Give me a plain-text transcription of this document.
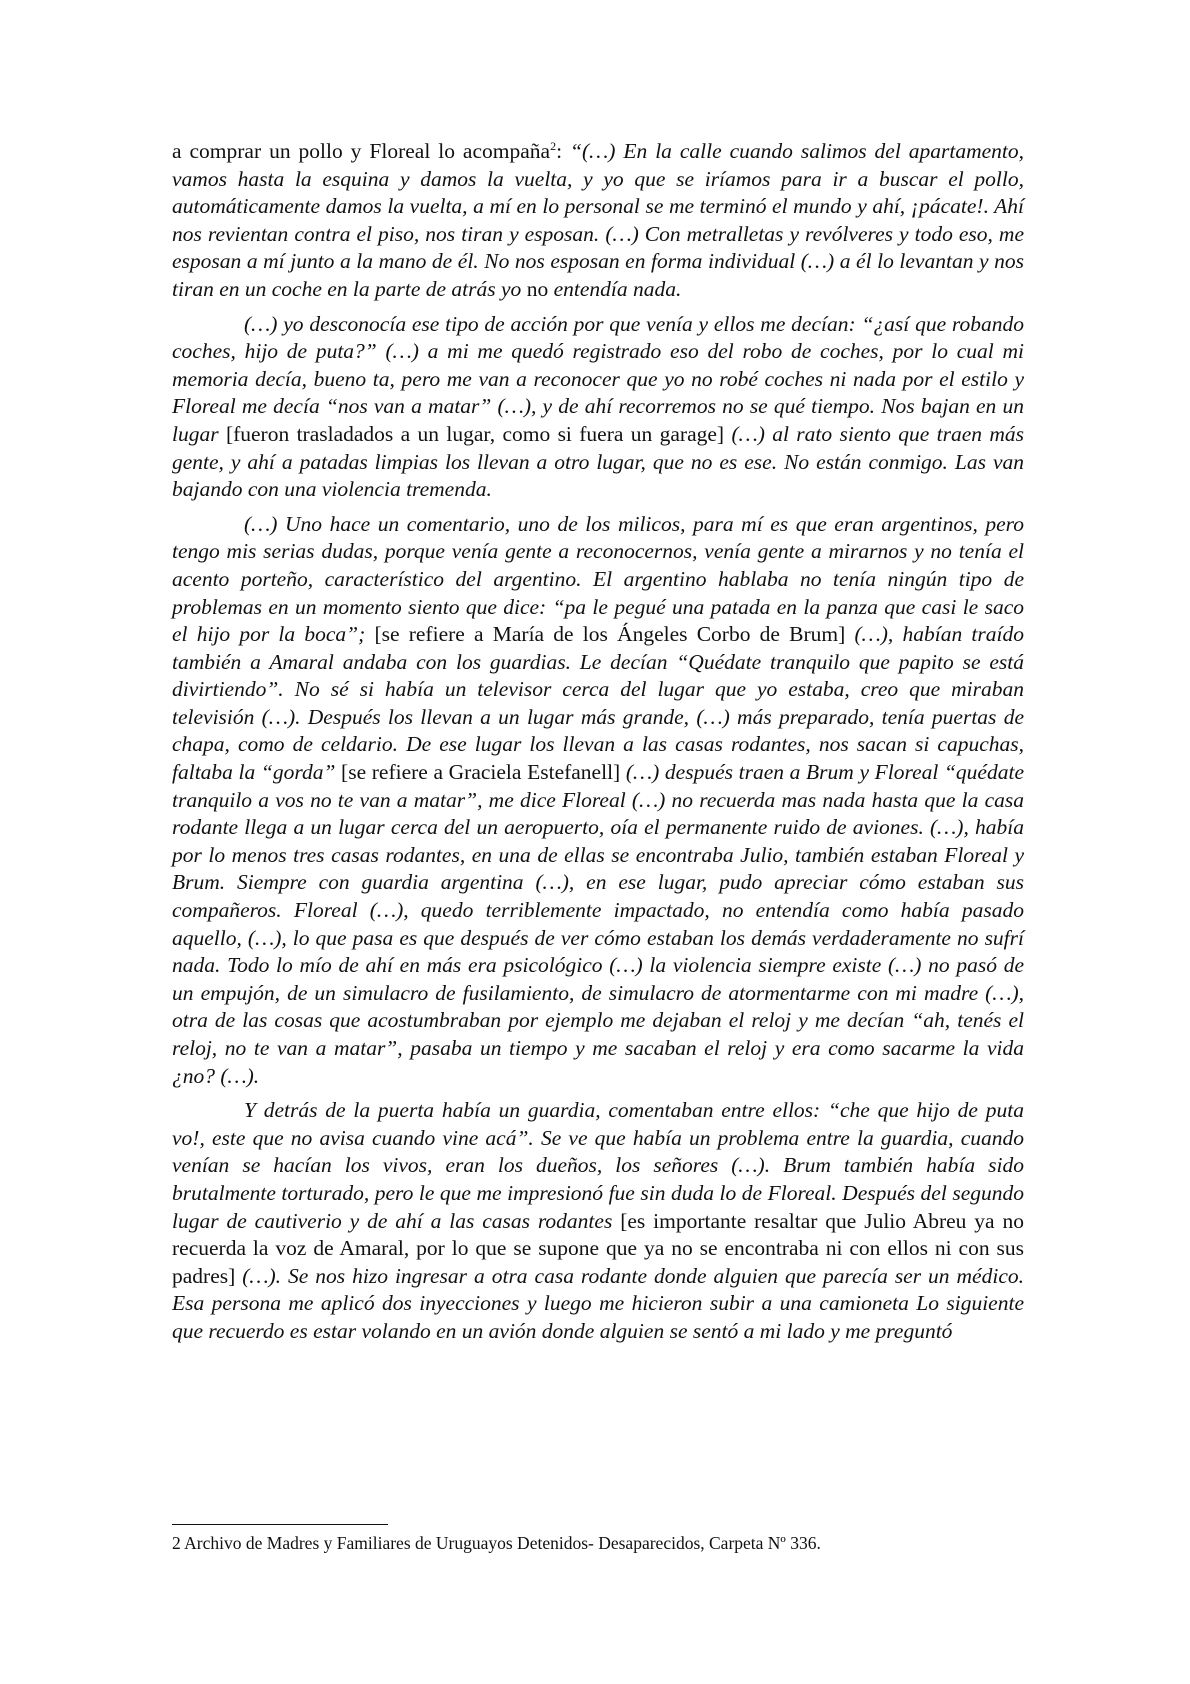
a comprar un pollo y Floreal lo acompaña$^2$: “(…) En la calle cuando salimos del apartamento, vamos hasta la esquina y damos la vuelta, y yo que se iríamos para ir a buscar el pollo, automáticamente damos la vuelta, a mí en lo personal se me terminó el mundo y ahí, ¡pácate!. Ahí nos revientan contra el piso, nos tiran y esposan. (…) Con metralletas y revólveres y todo eso, me esposan a mí junto a la mano de él. No nos esposan en forma individual (…) a él lo levantan y nos tiran en un coche en la parte de atrás yo no entendía nada.

(…) yo desconocía ese tipo de acción por que venía y ellos me decían: “¿así que robando coches, hijo de puta?” (…) a mi me quedó registrado eso del robo de coches, por lo cual mi memoria decía, bueno ta, pero me van a reconocer que yo no robé coches ni nada por el estilo y Floreal me decía “nos van a matar” (…), y de ahí recorremos no se qué tiempo. Nos bajan en un lugar [fueron trasladados a un lugar, como si fuera un garage] (…) al rato siento que traen más gente, y ahí a patadas limpias los llevan a otro lugar, que no es ese. No están conmigo. Las van bajando con una violencia tremenda.

(…) Uno hace un comentario, uno de los milicos, para mí es que eran argentinos, pero tengo mis serias dudas, porque venía gente a reconocernos, venía gente a mirarnos y no tenía el acento porteño, característico del argentino. El argentino hablaba no tenía ningún tipo de problemas en un momento siento que dice: “pa le pegué una patada en la panza que casi le saco el hijo por la boca”; [se refiere a María de los Ángeles Corbo de Brum] (…), habían traído también a Amaral andaba con los guardias. Le decían “Quédate tranquilo que papito se está divirtiendo”. No sé si había un televisor cerca del lugar que yo estaba, creo que miraban televisión (…). Después los llevan a un lugar más grande, (…) más preparado, tenía puertas de chapa, como de celdario. De ese lugar los llevan a las casas rodantes, nos sacan si capuchas, faltaba la “gorda” [se refiere a Graciela Estefanell] (…) después traen a Brum y Floreal “quédate tranquilo a vos no te van a matar”, me dice Floreal (…) no recuerda mas nada hasta que la casa rodante llega a un lugar cerca del un aeropuerto, oía el permanente ruido de aviones. (…), había por lo menos tres casas rodantes, en una de ellas se encontraba Julio, también estaban Floreal y Brum. Siempre con guardia argentina (…), en ese lugar, pudo apreciar cómo estaban sus compañeros. Floreal (…), quedo terriblemente impactado, no entendía como había pasado aquello, (…), lo que pasa es que después de ver cómo estaban los demás verdaderamente no sufrí nada. Todo lo mío de ahí en más era psicológico (…) la violencia siempre existe (…) no pasó de un empujón, de un simulacro de fusilamiento, de simulacro de atormentarme con mi madre (…), otra de las cosas que acostumbraban por ejemplo me dejaban el reloj y me decían “ah, tenés el reloj, no te van a matar”, pasaba un tiempo y me sacaban el reloj y era como sacarme la vida ¿no? (…).

Y detrás de la puerta había un guardia, comentaban entre ellos: “che que hijo de puta vo!, este que no avisa cuando vine acá”. Se ve que había un problema entre la guardia, cuando venían se hacían los vivos, eran los dueños, los señores (…). Brum también había sido brutalmente torturado, pero le que me impresionó fue sin duda lo de Floreal. Después del segundo lugar de cautiverio y de ahí a las casas rodantes [es importante resaltar que Julio Abreu ya no recuerda la voz de Amaral, por lo que se supone que ya no se encontraba ni con ellos ni con sus padres] (…). Se nos hizo ingresar a otra casa rodante donde alguien que parecía ser un médico. Esa persona me aplicó dos inyecciones y luego me hicieron subir a una camioneta Lo siguiente que recuerdo es estar volando en un avión donde alguien se sentó a mi lado y me preguntó

2 Archivo de Madres y Familiares de Uruguayos Detenidos- Desaparecidos, Carpeta Nº 336.
